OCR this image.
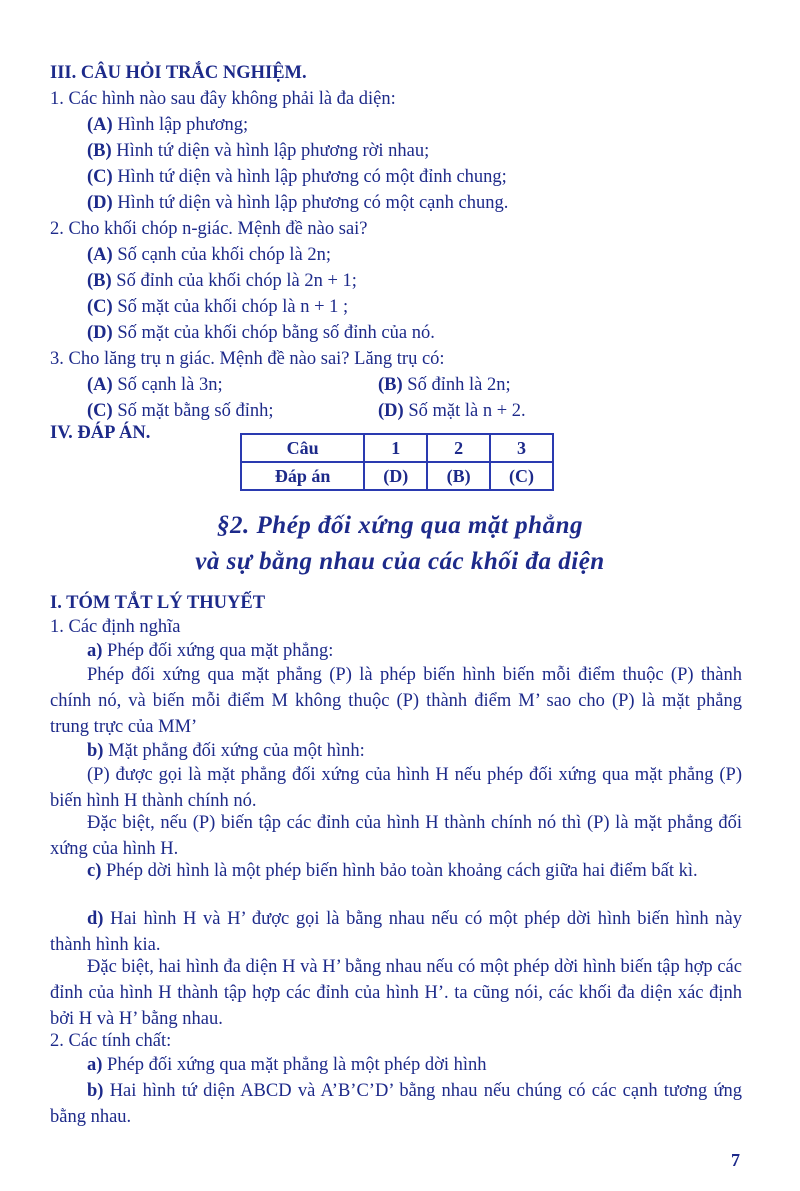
III. CÂU HỎI TRẮC NGHIỆM.
1. Các hình nào sau đây không phải là đa diện:
(A) Hình lập phương;
(B) Hình tứ diện và hình lập phương rời nhau;
(C) Hình tứ diện và hình lập phương có một đỉnh chung;
(D) Hình tứ diện và hình lập phương có một cạnh chung.
2. Cho khối chóp n-giác. Mệnh đề nào sai?
(A) Số cạnh của khối chóp là 2n;
(B) Số đỉnh của khối chóp là 2n + 1;
(C) Số mặt của khối chóp là n + 1 ;
(D) Số mặt của khối chóp bằng số đỉnh của nó.
3. Cho lăng trụ n giác. Mệnh đề nào sai? Lăng trụ có:
(A) Số cạnh là 3n;	(B) Số đỉnh là 2n;
(C) Số mặt bằng số đỉnh;	(D) Số mặt là n + 2.
IV. ĐÁP ÁN.
Câu	1	2	3
Đáp án	(D)	(B)	(C)
§2. Phép đối xứng qua mặt phẳng
và sự bằng nhau của các khối đa diện
I. TÓM TẮT LÝ THUYẾT
1. Các định nghĩa
a) Phép đối xứng qua mặt phẳng:
Phép đối xứng qua mặt phẳng (P) là phép biến hình biến mỗi điểm thuộc (P) thành chính nó, và biến mỗi điểm M không thuộc (P) thành điểm M’ sao cho (P) là mặt phẳng trung trực của MM’
b) Mặt phẳng đối xứng của một hình:
(P) được gọi là mặt phẳng đối xứng của hình H nếu phép đối xứng qua mặt phẳng (P) biến hình H thành chính nó.
Đặc biệt, nếu (P) biến tập các đỉnh của hình H thành chính nó thì (P) là mặt phẳng đối xứng của hình H.
c) Phép dời hình là một phép biến hình bảo toàn khoảng cách giữa hai điểm bất kì.
d) Hai hình H và H’ được gọi là bằng nhau nếu có một phép dời hình biến hình này thành hình kia.
Đặc biệt, hai hình đa diện H và H’ bằng nhau nếu có một phép dời hình biến tập hợp các đỉnh của hình H thành tập hợp các đỉnh của hình H’. ta cũng nói, các khối đa diện xác định bởi H và H’ bằng nhau.
2. Các tính chất:
a) Phép đối xứng qua mặt phẳng là một phép dời hình
b) Hai hình tứ diện ABCD và A’B’C’D’ bằng nhau nếu chúng có các cạnh tương ứng bằng nhau.
7
